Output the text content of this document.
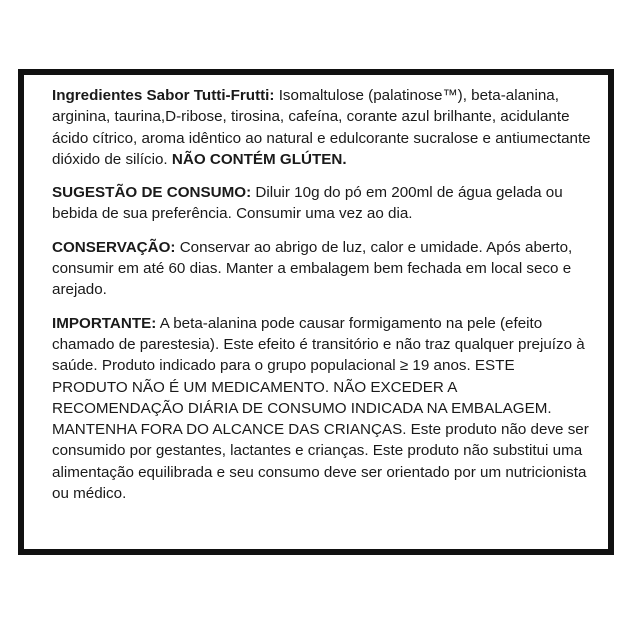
Ingredientes Sabor Tutti-Frutti: Isomaltulose (palatinose™), beta-alanina, arginina, taurina,D-ribose, tirosina, cafeína, corante azul brilhante, acidulante ácido cítrico, aroma idêntico ao natural e edulcorante sucralose e antiumectante dióxido de silício. NÃO CONTÉM GLÚTEN.

SUGESTÃO DE CONSUMO: Diluir 10g do pó em 200ml de água gelada ou bebida de sua preferência. Consumir uma vez ao dia.

CONSERVAÇÃO: Conservar ao abrigo de luz, calor e umidade. Após aberto, consumir em até 60 dias. Manter a embalagem bem fechada em local seco e arejado.

IMPORTANTE: A beta-alanina pode causar formigamento na pele (efeito chamado de parestesia). Este efeito é transitório e não traz qualquer prejuízo à saúde. Produto indicado para o grupo populacional ≥ 19 anos. ESTE PRODUTO NÃO É UM MEDICAMENTO. NÃO EXCEDER A RECOMENDAÇÃO DIÁRIA DE CONSUMO INDICADA NA EMBALAGEM. MANTENHA FORA DO ALCANCE DAS CRIANÇAS. Este produto não deve ser consumido por gestantes, lactantes e crianças. Este produto não substitui uma alimentação equilibrada e seu consumo deve ser orientado por um nutricionista ou médico.
